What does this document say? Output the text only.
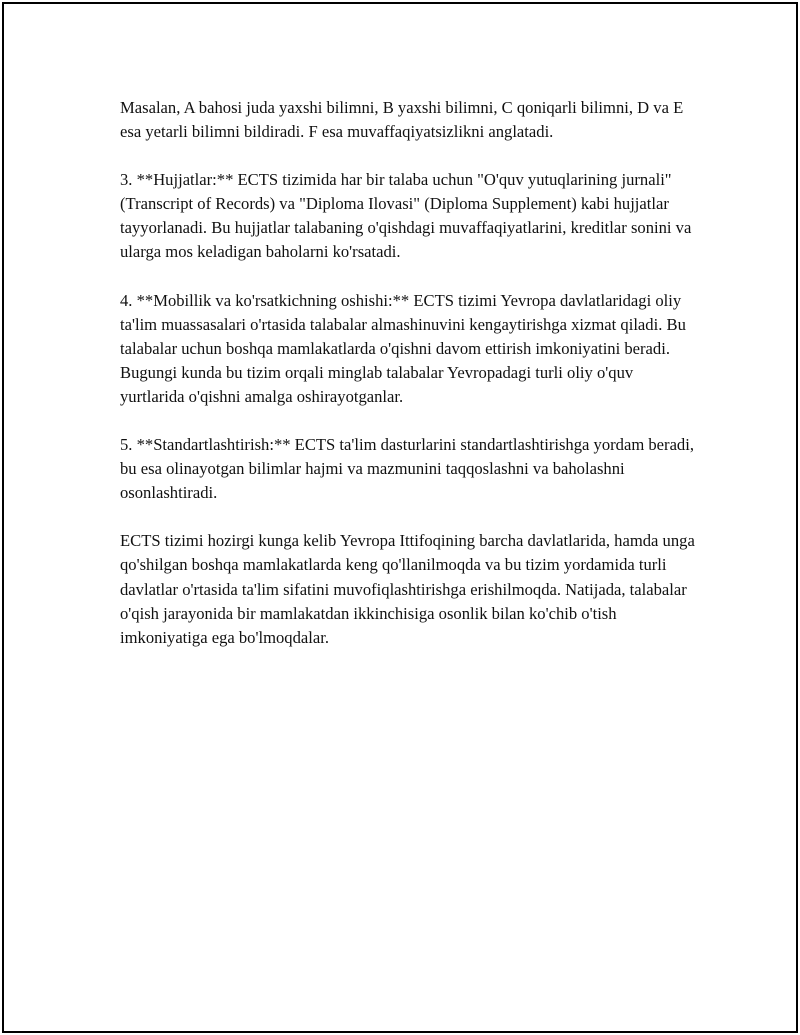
Masalan, A bahosi juda yaxshi bilimni, B yaxshi bilimni, C qoniqarli bilimni, D va E esa yetarli bilimni bildiradi. F esa muvaffaqiyatsizlikni anglatadi.

3. **Hujjatlar:** ECTS tizimida har bir talaba uchun "O'quv yutuqlarining jurnali" (Transcript of Records) va "Diploma Ilovasi" (Diploma Supplement) kabi hujjatlar tayyorlanadi. Bu hujjatlar talabaning o'qishdagi muvaffaqiyatlarini, kreditlar sonini va ularga mos keladigan baholarni ko'rsatadi.

4. **Mobillik va ko'rsatkichning oshishi:** ECTS tizimi Yevropa davlatlaridagi oliy ta'lim muassasalari o'rtasida talabalar almashinuvini kengaytirishga xizmat qiladi. Bu talabalar uchun boshqa mamlakatlarda o'qishni davom ettirish imkoniyatini beradi. Bugungi kunda bu tizim orqali minglab talabalar Yevropadagi turli oliy o'quv yurtlarida o'qishni amalga oshirayotganlar.

5. **Standartlashtirish:** ECTS ta'lim dasturlarini standartlashtirishga yordam beradi, bu esa olinayotgan bilimlar hajmi va mazmunini taqqoslashni va baholashni osonlashtiradi.

ECTS tizimi hozirgi kunga kelib Yevropa Ittifoqining barcha davlatlarida, hamda unga qo'shilgan boshqa mamlakatlarda keng qo'llanilmoqda va bu tizim yordamida turli davlatlar o'rtasida ta'lim sifatini muvofiqlashtirishga erishilmoqda. Natijada, talabalar o'qish jarayonida bir mamlakatdan ikkinchisiga osonlik bilan ko'chib o'tish imkoniyatiga ega bo'lmoqdalar.
